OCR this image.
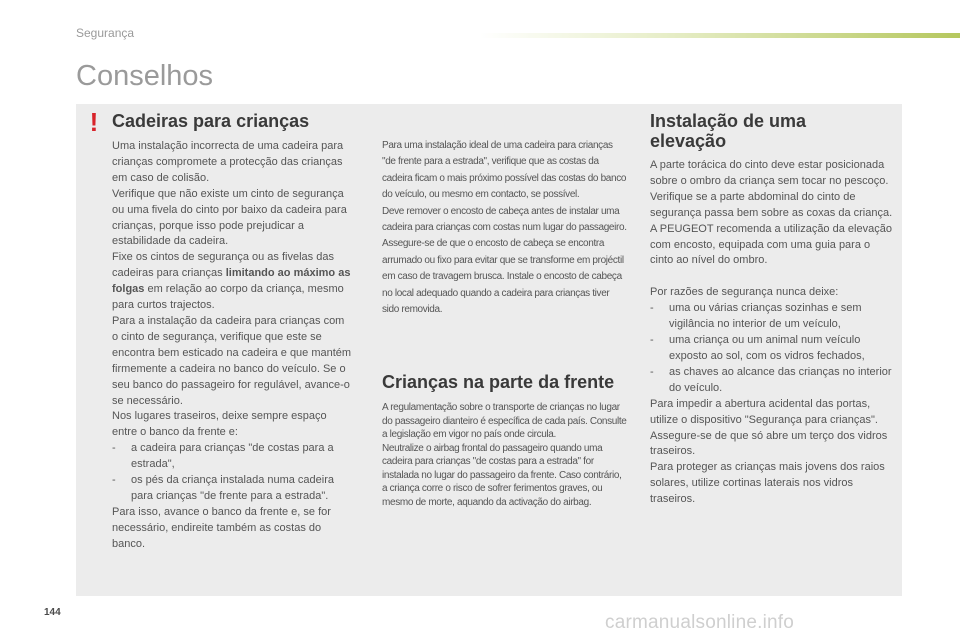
Segurança
Conselhos
! Cadeiras para crianças

Uma instalação incorrecta de uma cadeira para crianças compromete a protecção das crianças em caso de colisão.

Verifique que não existe um cinto de segurança ou uma fivela do cinto por baixo da cadeira para crianças, porque isso pode prejudicar a estabilidade da cadeira.

Fixe os cintos de segurança ou as fivelas das cadeiras para crianças limitando ao máximo as folgas em relação ao corpo da criança, mesmo para curtos trajectos.

Para a instalação da cadeira para crianças com o cinto de segurança, verifique que este se encontra bem esticado na cadeira e que mantém firmemente a cadeira no banco do veículo. Se o seu banco do passageiro for regulável, avance-o se necessário.

Nos lugares traseiros, deixe sempre espaço entre o banco da frente e:

-	a cadeira para crianças "de costas para a estrada",
-	os pés da criança instalada numa cadeira para crianças "de frente para a estrada".

Para isso, avance o banco da frente e, se for necessário, endireite também as costas do banco.

Para uma instalação ideal de uma cadeira para crianças "de frente para a estrada", verifique que as costas da cadeira ficam o mais próximo possível das costas do banco do veículo, ou mesmo em contacto, se possível.

Deve remover o encosto de cabeça antes de instalar uma cadeira para crianças com costas num lugar do passageiro.

Assegure-se de que o encosto de cabeça se encontra arrumado ou fixo para evitar que se transforme em projéctil em caso de travagem brusca. Instale o encosto de cabeça no local adequado quando a cadeira para crianças tiver sido removida.

Crianças na parte da frente

A regulamentação sobre o transporte de crianças no lugar do passageiro dianteiro é específica de cada país. Consulte a legislação em vigor no país onde circula.

Neutralize o airbag frontal do passageiro quando uma cadeira para crianças "de costas para a estrada" for instalada no lugar do passageiro da frente. Caso contrário, a criança corre o risco de sofrer ferimentos graves, ou mesmo de morte, aquando da activação do airbag.

Instalação de uma elevação

A parte torácica do cinto deve estar posicionada sobre o ombro da criança sem tocar no pescoço.

Verifique se a parte abdominal do cinto de segurança passa bem sobre as coxas da criança.

A PEUGEOT recomenda a utilização da elevação com encosto, equipada com uma guia para o cinto ao nível do ombro.

Por razões de segurança nunca deixe:

-	uma ou várias crianças sozinhas e sem vigilância no interior de um veículo,
-	uma criança ou um animal num veículo exposto ao sol, com os vidros fechados,
-	as chaves ao alcance das crianças no interior do veículo.

Para impedir a abertura acidental das portas, utilize o dispositivo "Segurança para crianças".

Assegure-se de que só abre um terço dos vidros traseiros.

Para proteger as crianças mais jovens dos raios solares, utilize cortinas laterais nos vidros traseiros.

144	carmanualsonline.info
